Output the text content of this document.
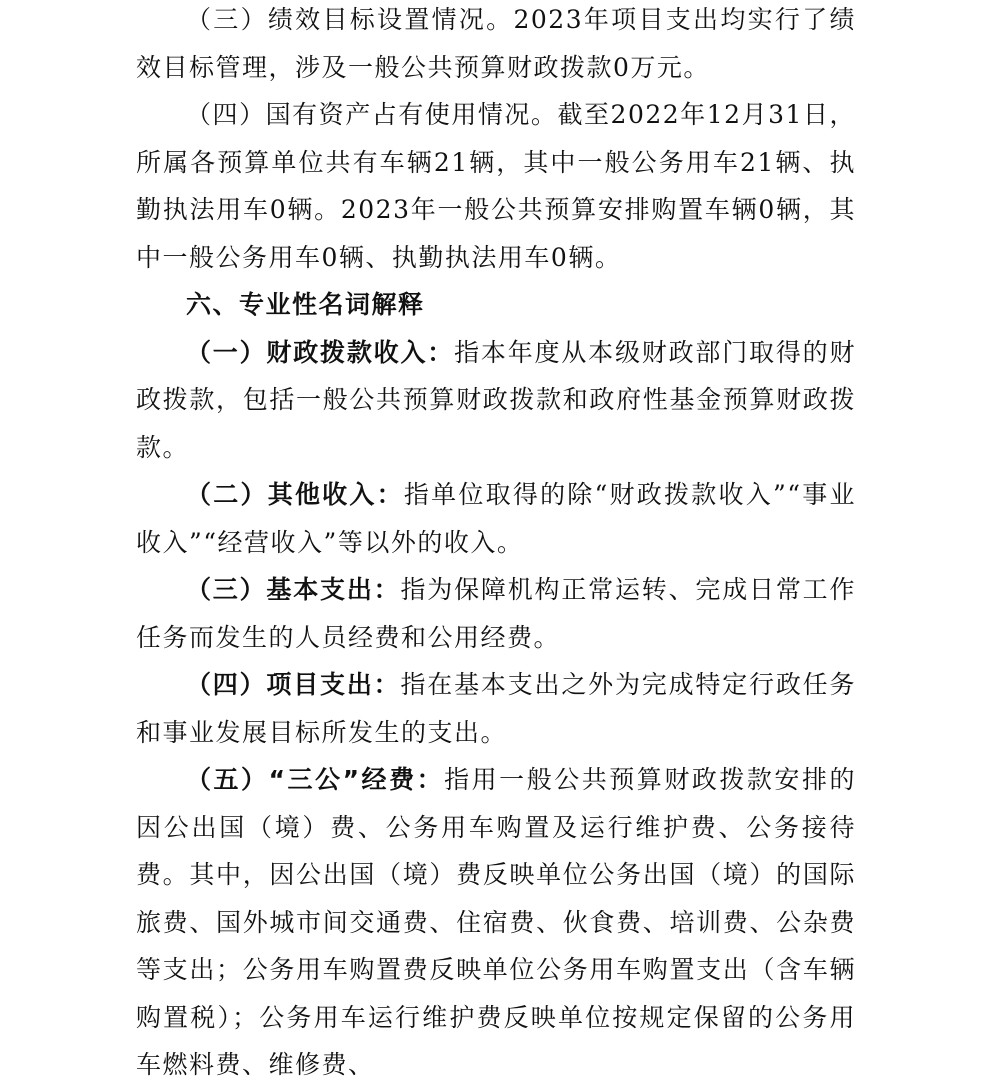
（三）绩效目标设置情况。2023年项目支出均实行了绩效目标管理，涉及一般公共预算财政拨款0万元。

（四）国有资产占有使用情况。截至2022年12月31日，所属各预算单位共有车辆21辆，其中一般公务用车21辆、执勤执法用车0辆。2023年一般公共预算安排购置车辆0辆，其中一般公务用车0辆、执勤执法用车0辆。

六、专业性名词解释

（一）财政拨款收入：指本年度从本级财政部门取得的财政拨款，包括一般公共预算财政拨款和政府性基金预算财政拨款。

（二）其他收入：指单位取得的除“财政拨款收入”“事业收入”“经营收入”等以外的收入。

（三）基本支出：指为保障机构正常运转、完成日常工作任务而发生的人员经费和公用经费。

（四）项目支出：指在基本支出之外为完成特定行政任务和事业发展目标所发生的支出。

（五）“三公”经费：指用一般公共预算财政拨款安排的因公出国（境）费、公务用车购置及运行维护费、公务接待费。其中，因公出国（境）费反映单位公务出国（境）的国际旅费、国外城市间交通费、住宿费、伙食费、培训费、公杂费等支出；公务用车购置费反映单位公务用车购置支出（含车辆购置税）；公务用车运行维护费反映单位按规定保留的公务用车燃料费、维修费、
